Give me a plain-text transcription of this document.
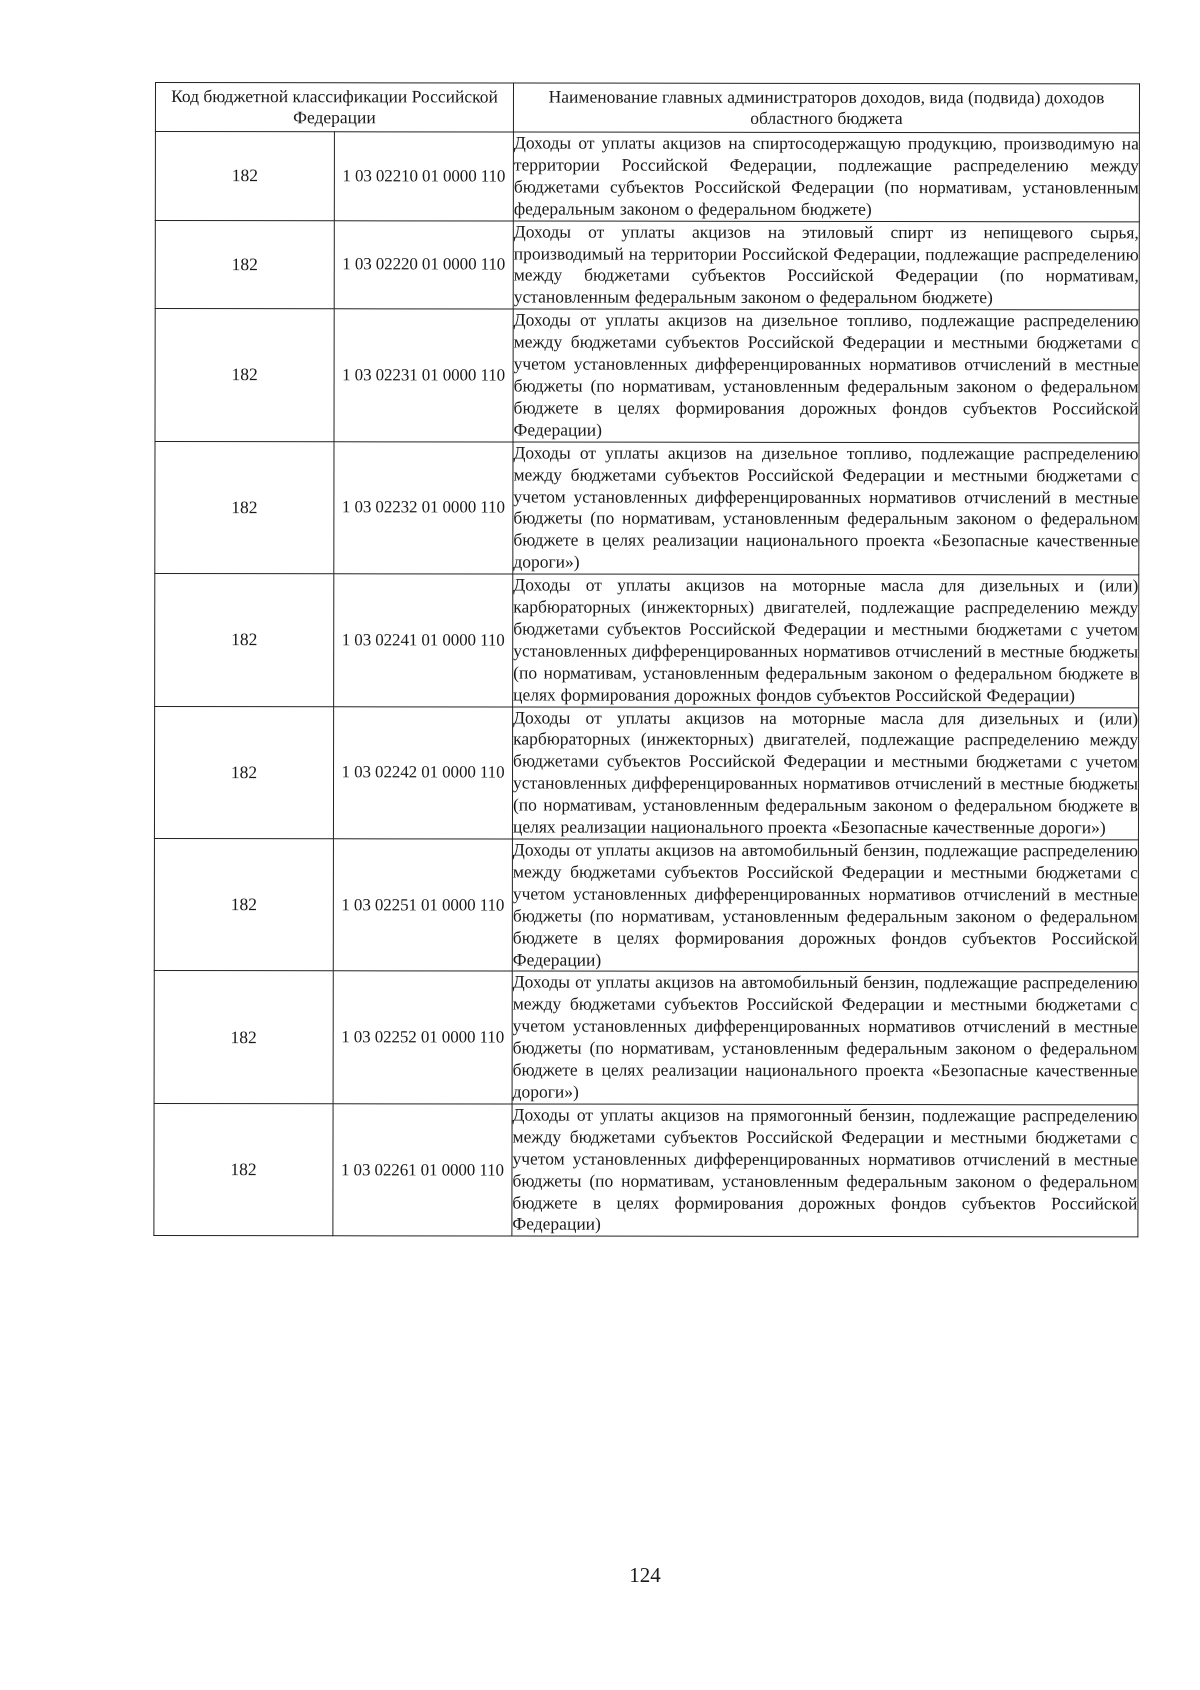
Код бюджетной классификации Российской Федерации		Наименование главных администраторов доходов, вида (подвида) доходов областного бюджета
182	1 03 02210 01 0000 110	Доходы от уплаты акцизов на спиртосодержащую продукцию, производимую на территории Российской Федерации, подлежащие распределению между бюджетами субъектов Российской Федерации (по нормативам, установленным федеральным законом о федеральном бюджете)

182	1 03 02220 01 0000 110	Доходы от уплаты акцизов на этиловый спирт из непищевого сырья, производимый на территории Российской Федерации, подлежащие распределению между бюджетами субъектов Российской Федерации (по нормативам, установленным федеральным законом о федеральном бюджете)

182	1 03 02231 01 0000 110	Доходы от уплаты акцизов на дизельное топливо, подлежащие распределению между бюджетами субъектов Российской Федерации и местными бюджетами с учетом установленных дифференцированных нормативов отчислений в местные бюджеты (по нормативам, установленным федеральным законом о федеральном бюджете в целях формирования дорожных фондов субъектов Российской Федерации)

182	1 03 02232 01 0000 110	Доходы от уплаты акцизов на дизельное топливо, подлежащие распределению между бюджетами субъектов Российской Федерации и местными бюджетами с учетом установленных дифференцированных нормативов отчислений в местные бюджеты (по нормативам, установленным федеральным законом о федеральном бюджете в целях реализации национального проекта «Безопасные качественные дороги»)

182	1 03 02241 01 0000 110	Доходы от уплаты акцизов на моторные масла для дизельных и (или) карбюраторных (инжекторных) двигателей, подлежащие распределению между бюджетами субъектов Российской Федерации и местными бюджетами с учетом установленных дифференцированных нормативов отчислений в местные бюджеты (по нормативам, установленным федеральным законом о федеральном бюджете в целях формирования дорожных фондов субъектов Российской Федерации)

182	1 03 02242 01 0000 110	Доходы от уплаты акцизов на моторные масла для дизельных и (или) карбюраторных (инжекторных) двигателей, подлежащие распределению между бюджетами субъектов Российской Федерации и местными бюджетами с учетом установленных дифференцированных нормативов отчислений в местные бюджеты (по нормативам, установленным федеральным законом о федеральном бюджете в целях реализации национального проекта «Безопасные качественные дороги»)

182	1 03 02251 01 0000 110	Доходы от уплаты акцизов на автомобильный бензин, подлежащие распределению между бюджетами субъектов Российской Федерации и местными бюджетами с учетом установленных дифференцированных нормативов отчислений в местные бюджеты (по нормативам, установленным федеральным законом о федеральном бюджете в целях формирования дорожных фондов субъектов Российской Федерации)

182	1 03 02252 01 0000 110	Доходы от уплаты акцизов на автомобильный бензин, подлежащие распределению между бюджетами субъектов Российской Федерации и местными бюджетами с учетом установленных дифференцированных нормативов отчислений в местные бюджеты (по нормативам, установленным федеральным законом о федеральном бюджете в целях реализации национального проекта «Безопасные качественные дороги»)

182	1 03 02261 01 0000 110	Доходы от уплаты акцизов на прямогонный бензин, подлежащие распределению между бюджетами субъектов Российской Федерации и местными бюджетами с учетом установленных дифференцированных нормативов отчислений в местные бюджеты (по нормативам, установленным федеральным законом о федеральном бюджете в целях формирования дорожных фондов субъектов Российской Федерации)
124
